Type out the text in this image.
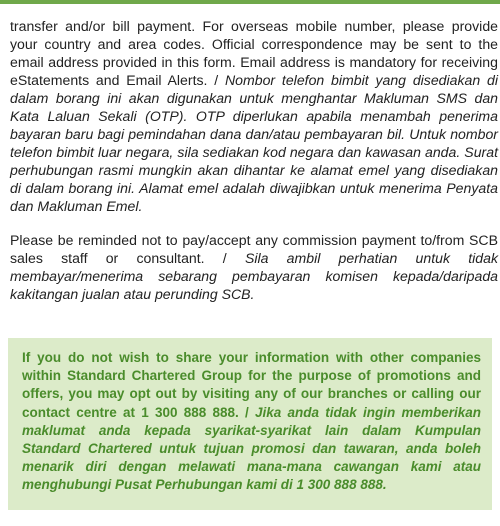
transfer and/or bill payment. For overseas mobile number, please provide your country and area codes. Official correspondence may be sent to the email address provided in this form. Email address is mandatory for receiving eStatements and Email Alerts. / Nombor telefon bimbit yang disediakan di dalam borang ini akan digunakan untuk menghantar Makluman SMS dan Kata Laluan Sekali (OTP). OTP diperlukan apabila menambah penerima bayaran baru bagi pemindahan dana dan/atau pembayaran bil. Untuk nombor telefon bimbit luar negara, sila sediakan kod negara dan kawasan anda. Surat perhubungan rasmi mungkin akan dihantar ke alamat emel yang disediakan di dalam borang ini. Alamat emel adalah diwajibkan untuk menerima Penyata dan Makluman Emel.

Please be reminded not to pay/accept any commission payment to/from SCB sales staff or consultant. / Sila ambil perhatian untuk tidak membayar/menerima sebarang pembayaran komisen kepada/daripada kakitangan jualan atau perunding SCB.

If you do not wish to share your information with other companies within Standard Chartered Group for the purpose of promotions and offers, you may opt out by visiting any of our branches or calling our contact centre at 1 300 888 888. / Jika anda tidak ingin memberikan maklumat anda kepada syarikat-syarikat lain dalam Kumpulan Standard Chartered untuk tujuan promosi dan tawaran, anda boleh menarik diri dengan melawati mana-mana cawangan kami atau menghubungi Pusat Perhubungan kami di 1 300 888 888.
